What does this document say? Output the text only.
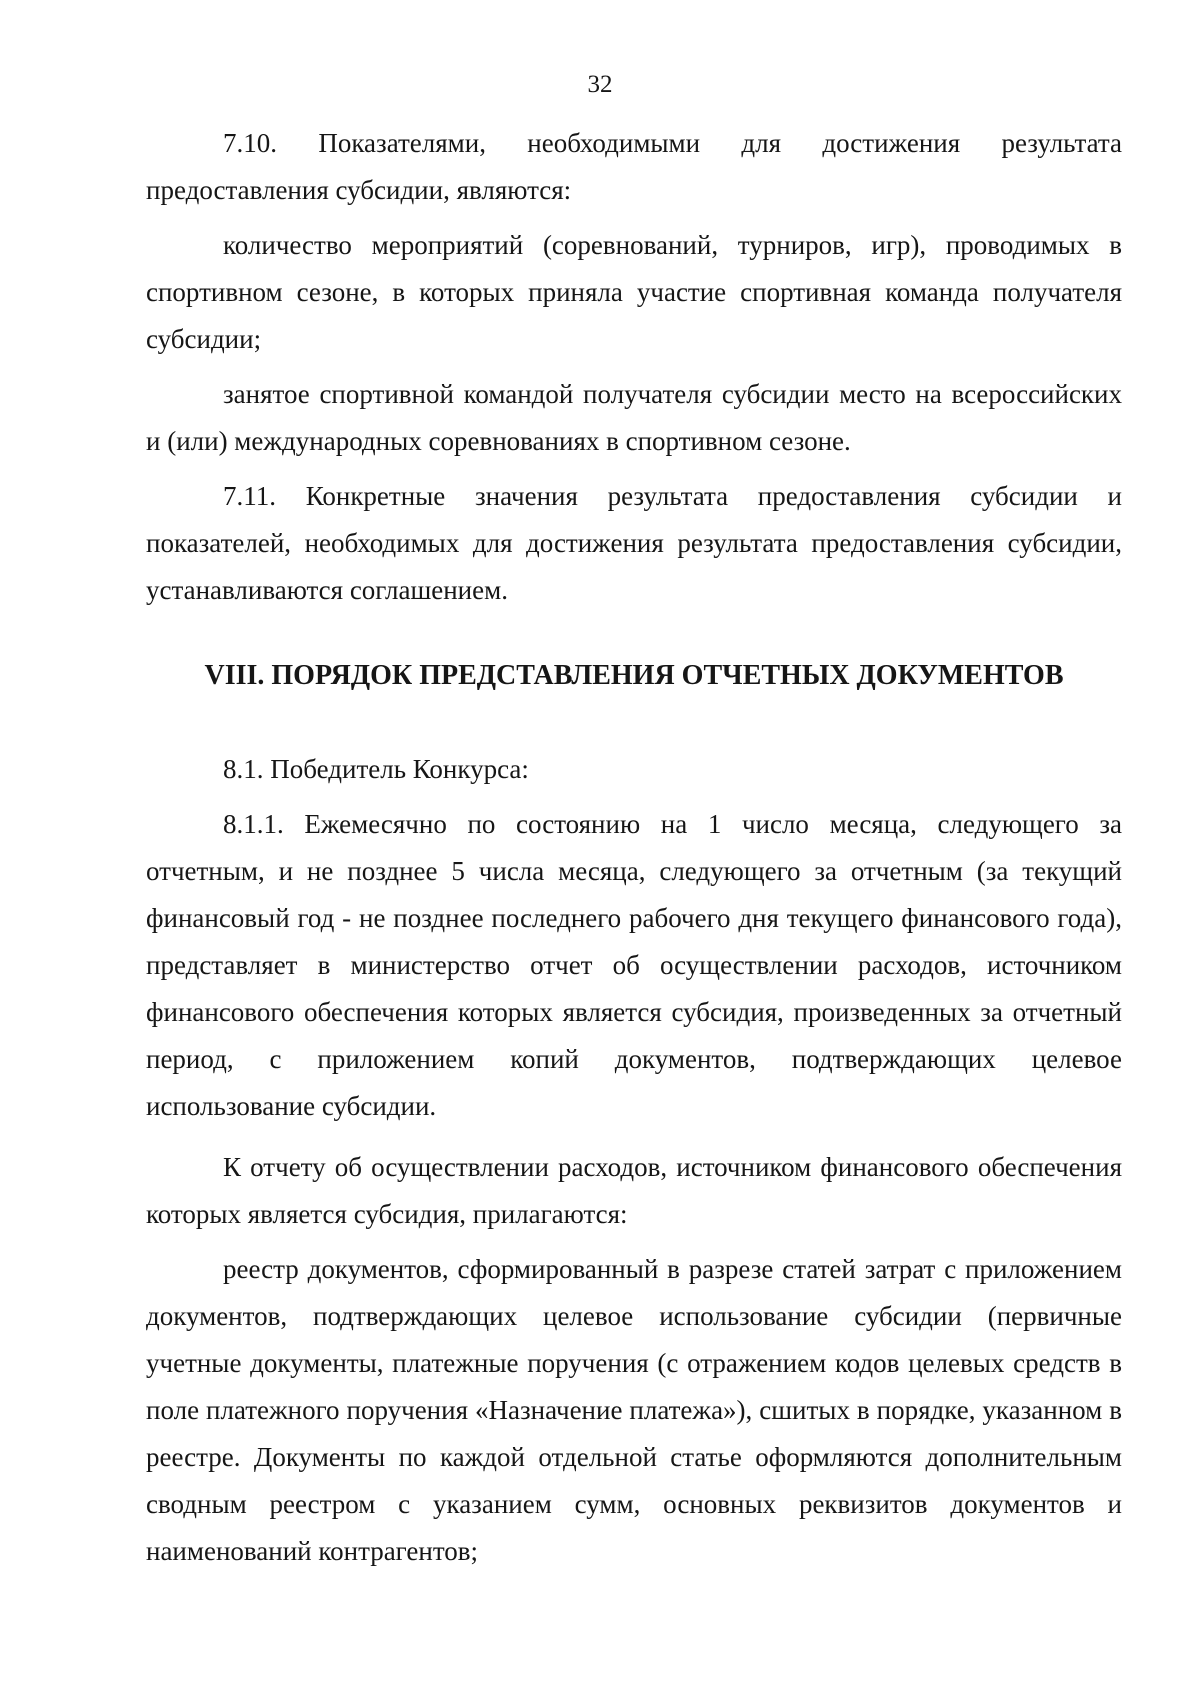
32

7.10. Показателями, необходимыми для достижения результата предоставления субсидии, являются:

количество мероприятий (соревнований, турниров, игр), проводимых в спортивном сезоне, в которых приняла участие спортивная команда получателя субсидии;

занятое спортивной командой получателя субсидии место на всероссийских и (или) международных соревнованиях в спортивном сезоне.

7.11. Конкретные значения результата предоставления субсидии и показателей, необходимых для достижения результата предоставления субсидии, устанавливаются соглашением.

VIII. ПОРЯДОК ПРЕДСТАВЛЕНИЯ ОТЧЕТНЫХ ДОКУМЕНТОВ

8.1. Победитель Конкурса:

8.1.1. Ежемесячно по состоянию на 1 число месяца, следующего за отчетным, и не позднее 5 числа месяца, следующего за отчетным (за текущий финансовый год - не позднее последнего рабочего дня текущего финансового года), представляет в министерство отчет об осуществлении расходов, источником финансового обеспечения которых является субсидия, произведенных за отчетный период, с приложением копий документов, подтверждающих целевое использование субсидии.

К отчету об осуществлении расходов, источником финансового обеспечения которых является субсидия, прилагаются:

реестр документов, сформированный в разрезе статей затрат с приложением документов, подтверждающих целевое использование субсидии (первичные учетные документы, платежные поручения (с отражением кодов целевых средств в поле платежного поручения «Назначение платежа»), сшитых в порядке, указанном в реестре. Документы по каждой отдельной статье оформляются дополнительным сводным реестром с указанием сумм, основных реквизитов документов и наименований контрагентов;
